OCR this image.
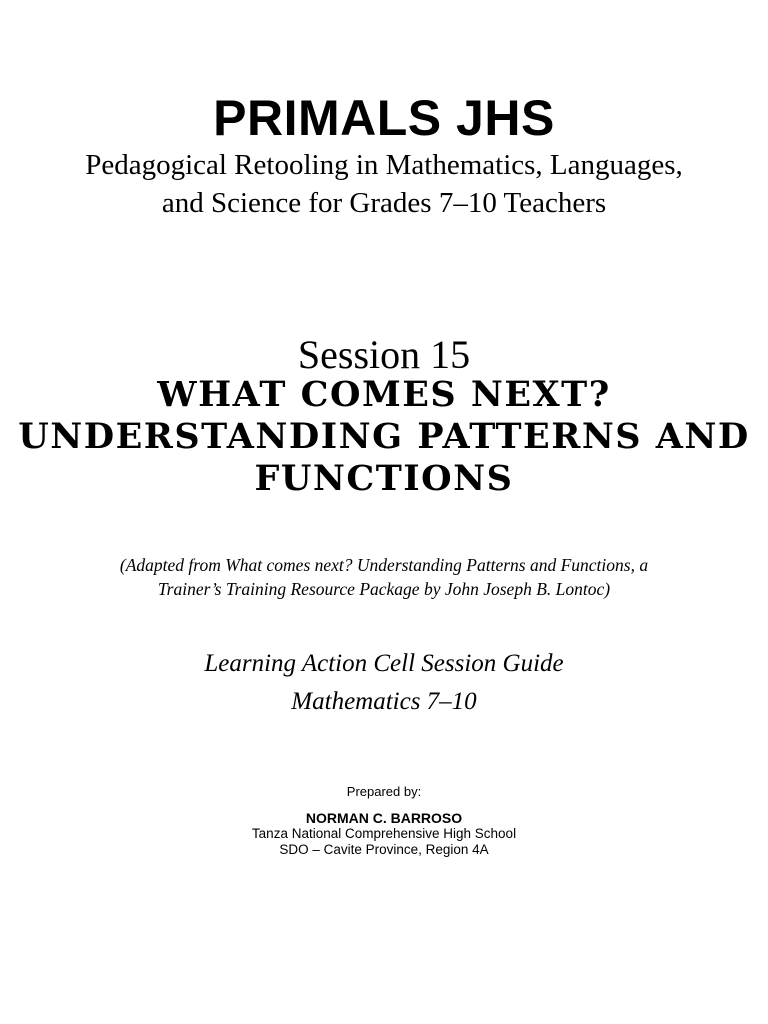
PRIMALS JHS
Pedagogical Retooling in Mathematics, Languages,
and Science for Grades 7–10 Teachers
Session 15
WHAT COMES NEXT?
UNDERSTANDING PATTERNS AND
FUNCTIONS
(Adapted from What comes next? Understanding Patterns and Functions, a
Trainer’s Training Resource Package by John Joseph B. Lontoc)
Learning Action Cell Session Guide
Mathematics 7–10
Prepared by:
NORMAN C. BARROSO
Tanza National Comprehensive High School
SDO – Cavite Province, Region 4A
